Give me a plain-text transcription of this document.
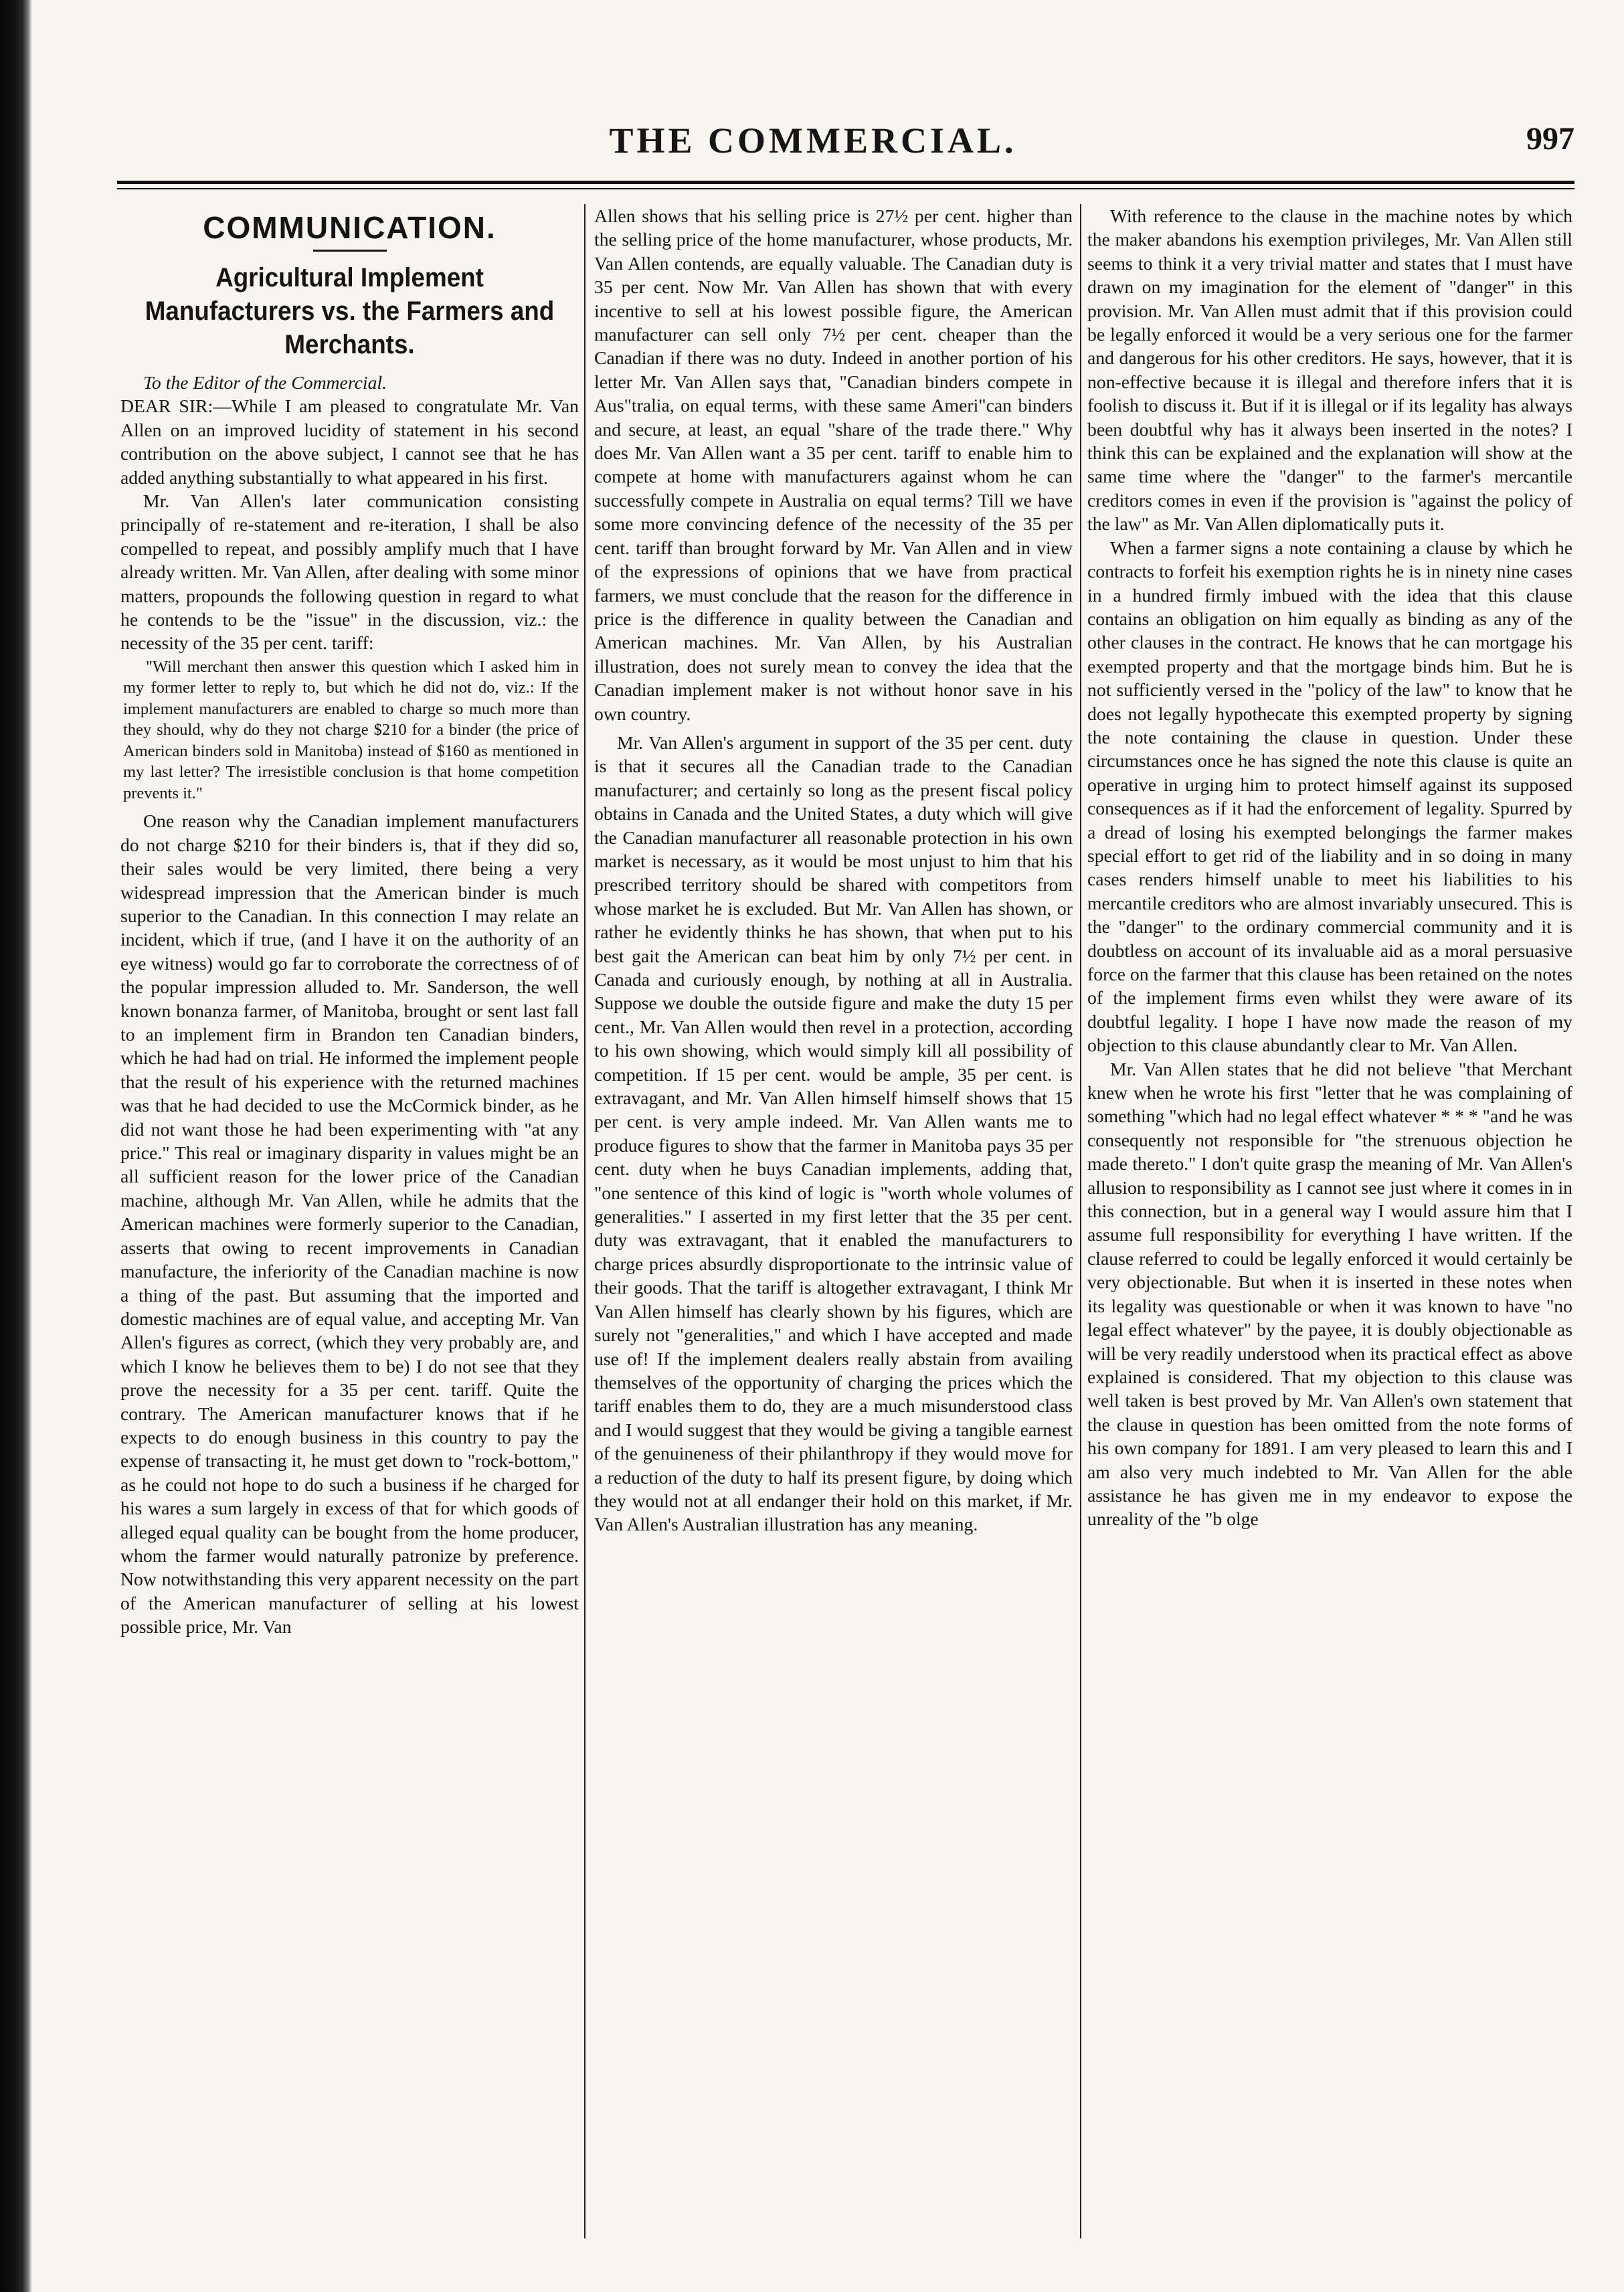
THE COMMERCIAL.	997
COMMUNICATION.
Agricultural Implement Manufacturers vs. the Farmers and Merchants.

To the Editor of the Commercial.

DEAR SIR:—While I am pleased to congratulate Mr. Van Allen on an improved lucidity of statement in his second contribution on the above subject, I cannot see that he has added anything substantially to what appeared in his first.

Mr. Van Allen's later communication consisting principally of re-statement and re-iteration, I shall be also compelled to repeat, and possibly amplify much that I have already written. Mr. Van Allen, after dealing with some minor matters, propounds the following question in regard to what he contends to be the "issue" in the discussion, viz.: the necessity of the 35 per cent. tariff:

"Will merchant then answer this question which I asked him in my former letter to reply to, but which he did not do, viz.: If the implement manufacturers are enabled to charge so much more than they should, why do they not charge $210 for a binder (the price of American binders sold in Manitoba) instead of $160 as mentioned in my last letter? The irresistible conclusion is that home competition prevents it."

One reason why the Canadian implement manufacturers do not charge $210 for their binders is, that if they did so, their sales would be very limited, there being a very widespread impression that the American binder is much superior to the Canadian. In this connection I may relate an incident, which if true, (and I have it on the authority of an eye witness) would go far to corroborate the correctness of of the popular impression alluded to. Mr. Sanderson, the well known bonanza farmer, of Manitoba, brought or sent last fall to an implement firm in Brandon ten Canadian binders, which he had had on trial. He informed the implement people that the result of his experience with the returned machines was that he had decided to use the McCormick binder, as he did not want those he had been experimenting with "at any price." This real or imaginary disparity in values might be an all sufficient reason for the lower price of the Canadian machine, although Mr. Van Allen, while he admits that the American machines were formerly superior to the Canadian, asserts that owing to recent improvements in Canadian manufacture, the inferiority of the Canadian machine is now a thing of the past. But assuming that the imported and domestic machines are of equal value, and accepting Mr. Van Allen's figures as correct, (which they very probably are, and which I know he believes them to be) I do not see that they prove the necessity for a 35 per cent. tariff. Quite the contrary. The American manufacturer knows that if he expects to do enough business in this country to pay the expense of transacting it, he must get down to "rock-bottom," as he could not hope to do such a business if he charged for his wares a sum largely in excess of that for which goods of alleged equal quality can be bought from the home producer, whom the farmer would naturally patronize by preference. Now notwithstanding this very apparent necessity on the part of the American manufacturer of selling at his lowest possible price, Mr. Van

Allen shows that his selling price is 27½ per cent. higher than the selling price of the home manufacturer, whose products, Mr. Van Allen contends, are equally valuable. The Canadian duty is 35 per cent. Now Mr. Van Allen has shown that with every incentive to sell at his lowest possible figure, the American manufacturer can sell only 7½ per cent. cheaper than the Canadian if there was no duty. Indeed in another portion of his letter Mr. Van Allen says that, "Canadian binders compete in Aus"tralia, on equal terms, with these same Ameri"can binders and secure, at least, an equal "share of the trade there." Why does Mr. Van Allen want a 35 per cent. tariff to enable him to compete at home with manufacturers against whom he can successfully compete in Australia on equal terms? Till we have some more convincing defence of the necessity of the 35 per cent. tariff than brought forward by Mr. Van Allen and in view of the expressions of opinions that we have from practical farmers, we must conclude that the reason for the difference in price is the difference in quality between the Canadian and American machines. Mr. Van Allen, by his Australian illustration, does not surely mean to convey the idea that the Canadian implement maker is not without honor save in his own country.

Mr. Van Allen's argument in support of the 35 per cent. duty is that it secures all the Canadian trade to the Canadian manufacturer; and certainly so long as the present fiscal policy obtains in Canada and the United States, a duty which will give the Canadian manufacturer all reasonable protection in his own market is necessary, as it would be most unjust to him that his prescribed territory should be shared with competitors from whose market he is excluded. But Mr. Van Allen has shown, or rather he evidently thinks he has shown, that when put to his best gait the American can beat him by only 7½ per cent. in Canada and curiously enough, by nothing at all in Australia. Suppose we double the outside figure and make the duty 15 per cent., Mr. Van Allen would then revel in a protection, according to his own showing, which would simply kill all possibility of competition. If 15 per cent. would be ample, 35 per cent. is extravagant, and Mr. Van Allen himself himself shows that 15 per cent. is very ample indeed. Mr. Van Allen wants me to produce figures to show that the farmer in Manitoba pays 35 per cent. duty when he buys Canadian implements, adding that, "one sentence of this kind of logic is "worth whole volumes of generalities." I asserted in my first letter that the 35 per cent. duty was extravagant, that it enabled the manufacturers to charge prices absurdly disproportionate to the intrinsic value of their goods. That the tariff is altogether extravagant, I think Mr Van Allen himself has clearly shown by his figures, which are surely not "generalities," and which I have accepted and made use of! If the implement dealers really abstain from availing themselves of the opportunity of charging the prices which the tariff enables them to do, they are a much misunderstood class and I would suggest that they would be giving a tangible earnest of the genuineness of their philanthropy if they would move for a reduction of the duty to half its present figure, by doing which they would not at all endanger their hold on this market, if Mr. Van Allen's Australian illustration has any meaning.

With reference to the clause in the machine notes by which the maker abandons his exemption privileges, Mr. Van Allen still seems to think it a very trivial matter and states that I must have drawn on my imagination for the element of "danger" in this provision. Mr. Van Allen must admit that if this provision could be legally enforced it would be a very serious one for the farmer and dangerous for his other creditors. He says, however, that it is non-effective because it is illegal and therefore infers that it is foolish to discuss it. But if it is illegal or if its legality has always been doubtful why has it always been inserted in the notes? I think this can be explained and the explanation will show at the same time where the "danger" to the farmer's mercantile creditors comes in even if the provision is "against the policy of the law" as Mr. Van Allen diplomatically puts it.

When a farmer signs a note containing a clause by which he contracts to forfeit his exemption rights he is in ninety nine cases in a hundred firmly imbued with the idea that this clause contains an obligation on him equally as binding as any of the other clauses in the contract. He knows that he can mortgage his exempted property and that the mortgage binds him. But he is not sufficiently versed in the "policy of the law" to know that he does not legally hypothecate this exempted property by signing the note containing the clause in question. Under these circumstances once he has signed the note this clause is quite an operative in urging him to protect himself against its supposed consequences as if it had the enforcement of legality. Spurred by a dread of losing his exempted belongings the farmer makes special effort to get rid of the liability and in so doing in many cases renders himself unable to meet his liabilities to his mercantile creditors who are almost invariably unsecured. This is the "danger" to the ordinary commercial community and it is doubtless on account of its invaluable aid as a moral persuasive force on the farmer that this clause has been retained on the notes of the implement firms even whilst they were aware of its doubtful legality. I hope I have now made the reason of my objection to this clause abundantly clear to Mr. Van Allen.

Mr. Van Allen states that he did not believe "that Merchant knew when he wrote his first "letter that he was complaining of something "which had no legal effect whatever * * * "and he was consequently not responsible for "the strenuous objection he made thereto." I don't quite grasp the meaning of Mr. Van Allen's allusion to responsibility as I cannot see just where it comes in in this connection, but in a general way I would assure him that I assume full responsibility for everything I have written. If the clause referred to could be legally enforced it would certainly be very objectionable. But when it is inserted in these notes when its legality was questionable or when it was known to have "no legal effect whatever" by the payee, it is doubly objectionable as will be very readily understood when its practical effect as above explained is considered. That my objection to this clause was well taken is best proved by Mr. Van Allen's own statement that the clause in question has been omitted from the note forms of his own company for 1891. I am very pleased to learn this and I am also very much indebted to Mr. Van Allen for the able assistance he has given me in my endeavor to expose the unreality of the "b olge
